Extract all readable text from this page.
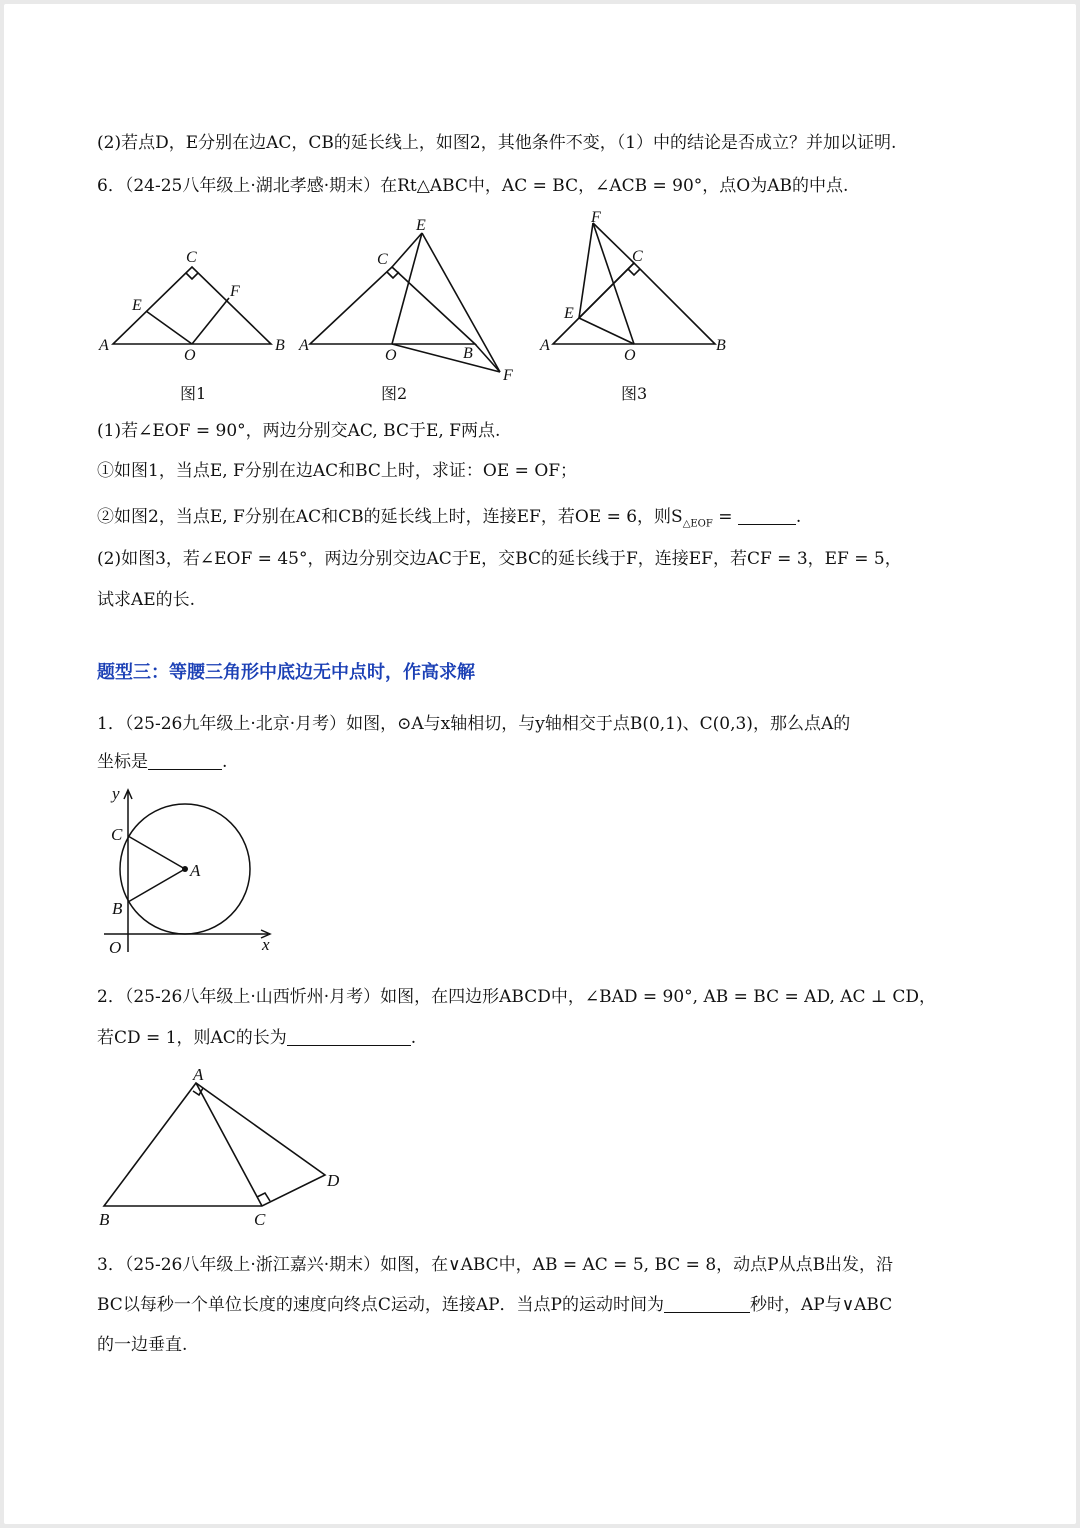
(2)若点D，E分别在边AC，CB的延长线上，如图2，其他条件不变，（1）中的结论是否成立？并加以证明.
6．（24-25八年级上·湖北孝感·期末）在Rt△ABC中，AC = BC，∠ACB = 90°，点O为AB的中点.
A	B
C
E
F
O
A	B
C
E
F
O
A	B
C
E
F
O
图1	图2	图3
(1)若∠EOF = 90°，两边分别交AC, BC于E, F两点.
①如图1，当点E, F分别在边AC和BC上时，求证：OE = OF；
②如图2，当点E, F分别在AC和CB的延长线上时，连接EF，若OE = 6，则$S_{\triangle EOF}$ =	.
(2)如图3，若∠EOF = 45°，两边分别交边AC于E，交BC的延长线于F，连接EF，若CF = 3，EF = 5，
试求AE的长.
题型三：等腰三角形中底边无中点时，作高求解
1．（25-26九年级上·北京·月考）如图，⊙A与x轴相切，与y轴相交于点B(0,1)、C(0,3)，那么点A的
坐标是	.
y
x
C
B
A
O
2．（25-26八年级上·山西忻州·月考）如图，在四边形ABCD中，∠BAD = 90°, AB = BC = AD, AC ⊥ CD，
若CD = 1，则AC的长为	.
A
B	C
D
3．（25-26八年级上·浙江嘉兴·期末）如图，在∨ABC中，AB = AC = 5, BC = 8，动点P从点B出发，沿
BC以每秒一个单位长度的速度向终点C运动，连接AP．当点P的运动时间为	秒时，AP与∨ABC
的一边垂直.
